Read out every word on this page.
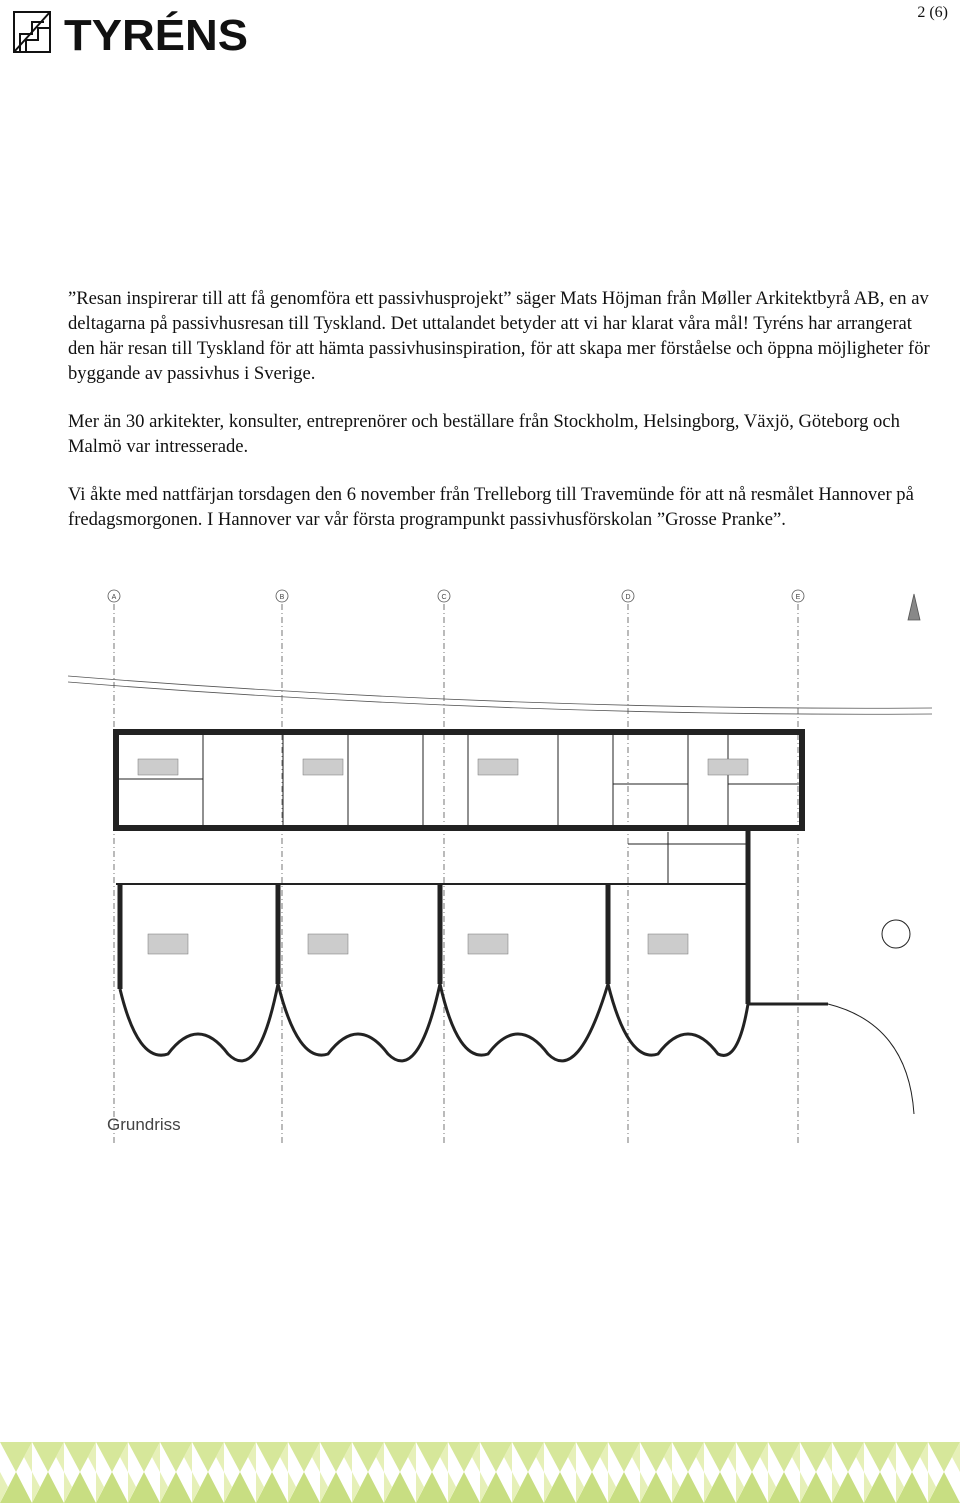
TYRÉNS	2 (6)

”Resan inspirerar till att få genomföra ett passivhusprojekt” säger Mats Höjman från Møller Arkitektbyrå AB, en av deltagarna på passivhusresan till Tyskland. Det uttalandet betyder att vi har klarat våra mål! Tyréns har arrangerat den här resan till Tyskland för att hämta passivhusinspiration, för att skapa mer förståelse och öppna möjligheter för byggande av passivhus i Sverige.

Mer än 30 arkitekter, konsulter, entreprenörer och beställare från Stockholm, Helsingborg, Växjö, Göteborg och Malmö var intresserade.

Vi åkte med nattfärjan torsdagen den 6 november från Trelleborg till Travemünde för att nå resmålet Hannover på fredagsmorgonen. I Hannover var vår första programpunkt passivhusförskolan ”Grosse Pranke”.

A	B	C	D	E
Grundriss
